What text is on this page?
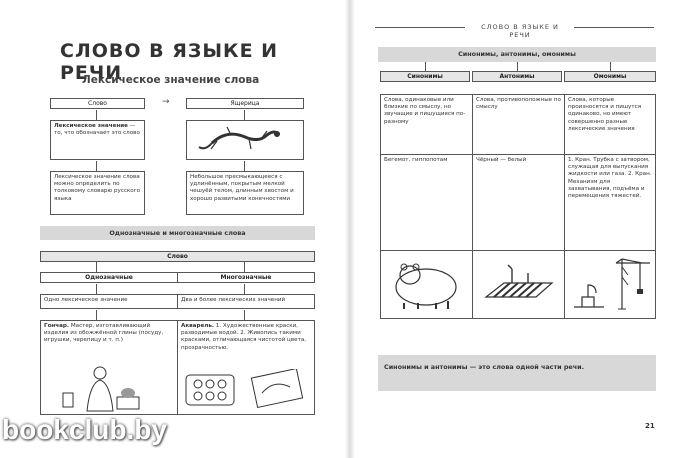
СЛОВО В ЯЗЫКЕ И РЕЧИ
Лексическое значение слова
Слово	→	Ящерица
Лексическое значение — то, что обозначает это слово
Лексическое значение слова можно определить по толковому словарю русского языка
Небольшое пресмыкающееся с удлинённым, покрытым мелкой чешуёй телом, длинным хвостом и хорошо развитыми конечностями
Однозначные и многозначные слова
Слово
Однозначные	Многозначные
Одно лексическое значение	Два и более лексических значений
Гончар. Мастер, изготавливающий изделия из обожжённой глины (посуду, игрушки, черепицу и т. п.)
Акварель. 1. Художественные краски, разводимые водой. 2. Живопись такими красками, отличающаяся чистотой цвета, прозрачностью.
bookclub.by
СЛОВО В ЯЗЫКЕ И РЕЧИ
Синонимы, антонимы, омонимы
Синонимы	Антонимы	Омонимы
Слова, одинаковые или близкие по смыслу, но звучащие и пишущиеся по-разному	Слова, противоположные по смыслу	Слова, которые произносятся и пишутся одинаково, но имеют совершенно разные лексические значения
Бегемот, гиппопотам	Чёрный — белый	1. Кран. Трубка с затвором, служащая для выпускания жидкости или газа. 2. Кран. Механизм для захватывания, подъёма и перемещения тяжестей.

Синонимы и антонимы — это слова одной части речи.
21
